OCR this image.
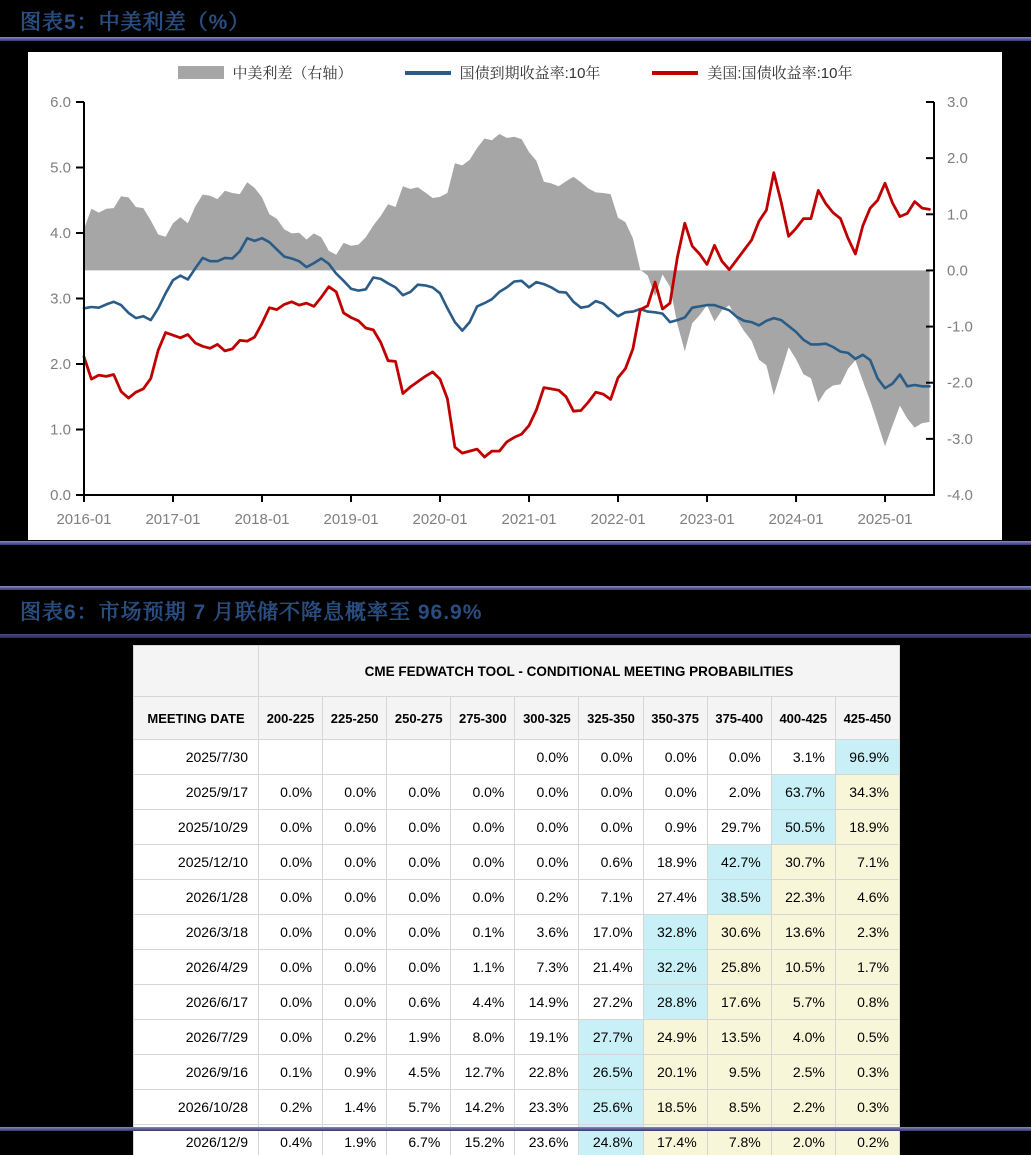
图表5：中美利差（%）
中美利差（右轴）	国债到期收益率:10年	美国:国债收益率:10年
0.0
1.0
2.0
3.0
4.0
5.0
6.0
-4.0
-3.0
-2.0
-1.0
0.0
1.0
2.0
3.0
2016-01 2017-01 2018-01 2019-01 2020-01 2021-01 2022-01 2023-01 2024-01 2025-01
图表6：市场预期 7 月联储不降息概率至 96.9%
	CME FEDWATCH TOOL - CONDITIONAL MEETING PROBABILITIES									
MEETING DATE	200-225	225-250	250-275	275-300	300-325	325-350	350-375	375-400	400-425	425-450
2025/7/30					0.0%	0.0%	0.0%	0.0%	3.1%	96.9%
2025/9/17	0.0%	0.0%	0.0%	0.0%	0.0%	0.0%	0.0%	2.0%	63.7%	34.3%
2025/10/29	0.0%	0.0%	0.0%	0.0%	0.0%	0.0%	0.9%	29.7%	50.5%	18.9%
2025/12/10	0.0%	0.0%	0.0%	0.0%	0.0%	0.6%	18.9%	42.7%	30.7%	7.1%
2026/1/28	0.0%	0.0%	0.0%	0.0%	0.2%	7.1%	27.4%	38.5%	22.3%	4.6%
2026/3/18	0.0%	0.0%	0.0%	0.1%	3.6%	17.0%	32.8%	30.6%	13.6%	2.3%
2026/4/29	0.0%	0.0%	0.0%	1.1%	7.3%	21.4%	32.2%	25.8%	10.5%	1.7%
2026/6/17	0.0%	0.0%	0.6%	4.4%	14.9%	27.2%	28.8%	17.6%	5.7%	0.8%
2026/7/29	0.0%	0.2%	1.9%	8.0%	19.1%	27.7%	24.9%	13.5%	4.0%	0.5%
2026/9/16	0.1%	0.9%	4.5%	12.7%	22.8%	26.5%	20.1%	9.5%	2.5%	0.3%
2026/10/28	0.2%	1.4%	5.7%	14.2%	23.3%	25.6%	18.5%	8.5%	2.2%	0.3%
2026/12/9	0.4%	1.9%	6.7%	15.2%	23.6%	24.8%	17.4%	7.8%	2.0%	0.2%
